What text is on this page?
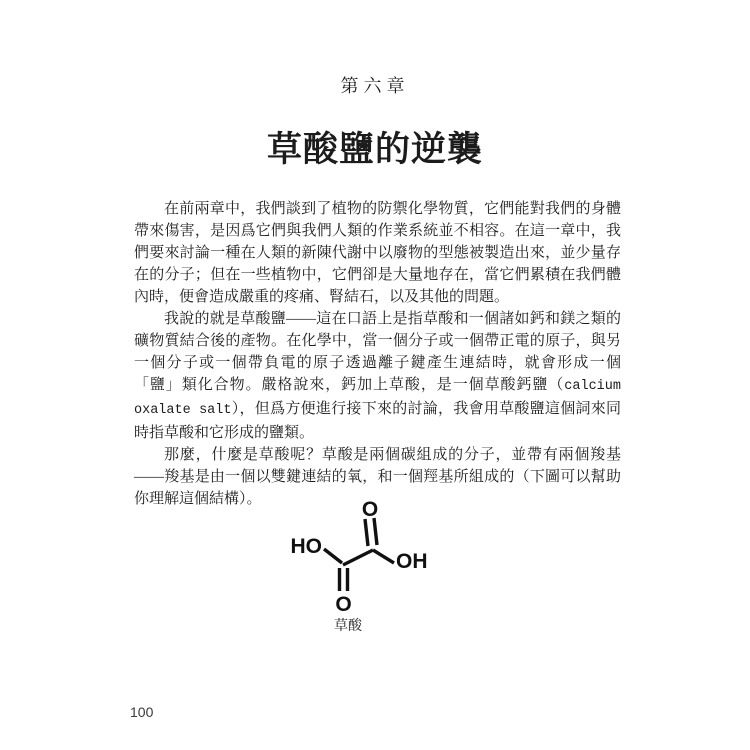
第六章
草酸鹽的逆襲

在前兩章中，我們談到了植物的防禦化學物質，它們能對我們的身體帶來傷害，是因爲它們與我們人類的作業系統並不相容。在這一章中，我們要來討論一種在人類的新陳代謝中以廢物的型態被製造出來，並少量存在的分子；但在一些植物中，它們卻是大量地存在，當它們累積在我們體內時，便會造成嚴重的疼痛、腎結石，以及其他的問題。

我說的就是草酸鹽——這在口語上是指草酸和一個諸如鈣和鎂之類的礦物質結合後的產物。在化學中，當一個分子或一個帶正電的原子，與另一個分子或一個帶負電的原子透過離子鍵產生連結時，就會形成一個「鹽」類化合物。嚴格說來，鈣加上草酸，是一個草酸鈣鹽（calcium oxalate salt），但爲方便進行接下來的討論，我會用草酸鹽這個詞來同時指草酸和它形成的鹽類。

那麼，什麼是草酸呢？草酸是兩個碳組成的分子，並帶有兩個羧基——羧基是由一個以雙鍵連結的氧，和一個羥基所組成的（下圖可以幫助你理解這個結構）。	O
HO
OH
O
草酸
100
